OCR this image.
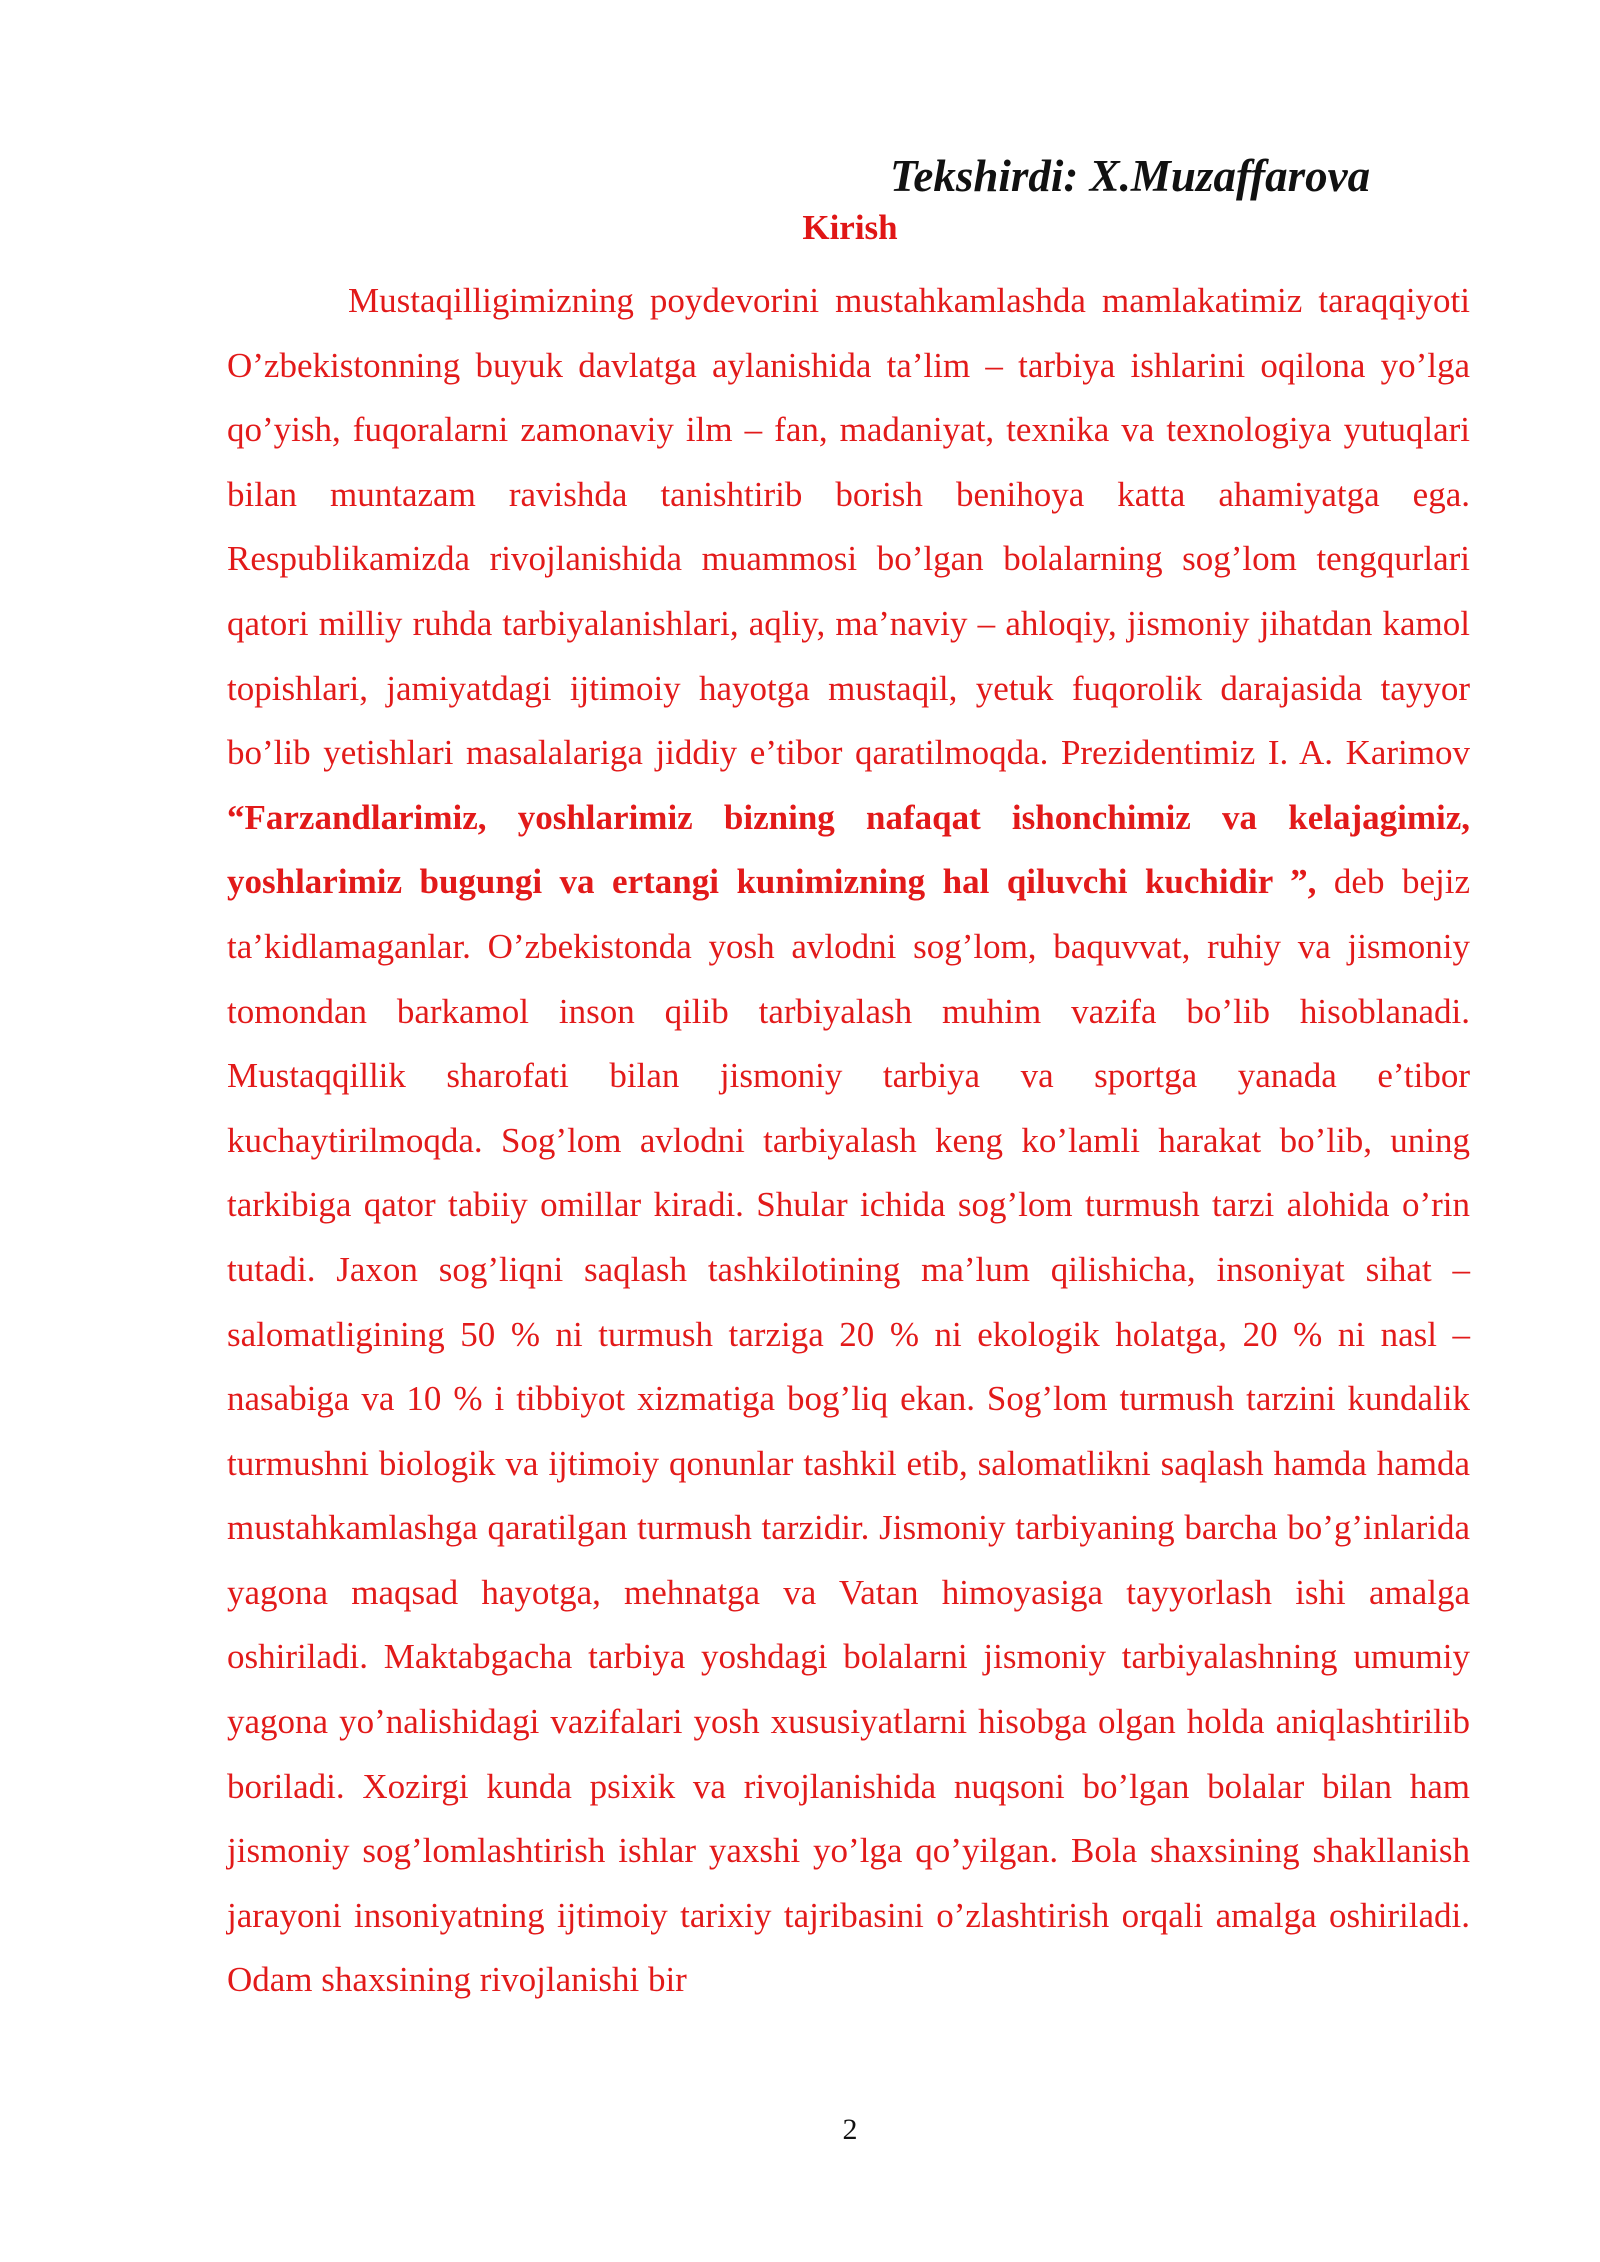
Tekshirdi: X.Muzaffarova
Kirish

Mustaqilligimizning poydevorini mustahkamlashda mamlakatimiz taraqqiyoti O’zbekistonning buyuk davlatga aylanishida ta’lim – tarbiya ishlarini oqilona yo’lga qo’yish, fuqoralarni zamonaviy ilm – fan, madaniyat, texnika va texnologiya yutuqlari bilan muntazam ravishda tanishtirib borish benihoya katta ahamiyatga ega. Respublikamizda rivojlanishida muammosi bo’lgan bolalarning sog’lom tengqurlari qatori milliy ruhda tarbiyalanishlari, aqliy, ma’naviy – ahloqiy, jismoniy jihatdan kamol topishlari, jamiyatdagi ijtimoiy hayotga mustaqil, yetuk fuqorolik darajasida tayyor bo’lib yetishlari masalalariga jiddiy e’tibor qaratilmoqda. Prezidentimiz I. A. Karimov “Farzandlarimiz, yoshlarimiz bizning nafaqat ishonchimiz va kelajagimiz, yoshlarimiz bugungi va ertangi kunimizning hal qiluvchi kuchidir ”, deb bejiz ta’kidlamaganlar. O’zbekistonda yosh avlodni sog’lom, baquvvat, ruhiy va jismoniy tomondan barkamol inson qilib tarbiyalash muhim vazifa bo’lib hisoblanadi. Mustaqqillik sharofati bilan jismoniy tarbiya va sportga yanada e’tibor kuchaytirilmoqda. Sog’lom avlodni tarbiyalash keng ko’lamli harakat bo’lib, uning tarkibiga qator tabiiy omillar kiradi. Shular ichida sog’lom turmush tarzi alohida o’rin tutadi. Jaxon sog’liqni saqlash tashkilotining ma’lum qilishicha, insoniyat sihat – salomatligining 50 % ni turmush tarziga 20 % ni ekologik holatga, 20 % ni nasl – nasabiga va 10 % i tibbiyot xizmatiga bog’liq ekan. Sog’lom turmush tarzini kundalik turmushni biologik va ijtimoiy qonunlar tashkil etib, salomatlikni saqlash hamda hamda mustahkamlashga qaratilgan turmush tarzidir. Jismoniy tarbiyaning barcha bo’g’inlarida yagona maqsad hayotga, mehnatga va Vatan himoyasiga tayyorlash ishi amalga oshiriladi. Maktabgacha tarbiya yoshdagi bolalarni jismoniy tarbiyalashning umumiy yagona yo’nalishidagi vazifalari yosh xususiyatlarni hisobga olgan holda aniqlashtirilib boriladi. Xozirgi kunda psixik va rivojlanishida nuqsoni bo’lgan bolalar bilan ham jismoniy sog’lomlashtirish ishlar yaxshi yo’lga qo’yilgan. Bola shaxsining shakllanish jarayoni insoniyatning ijtimoiy tarixiy tajribasini o’zlashtirish orqali amalga oshiriladi. Odam shaxsining rivojlanishi bir

2
